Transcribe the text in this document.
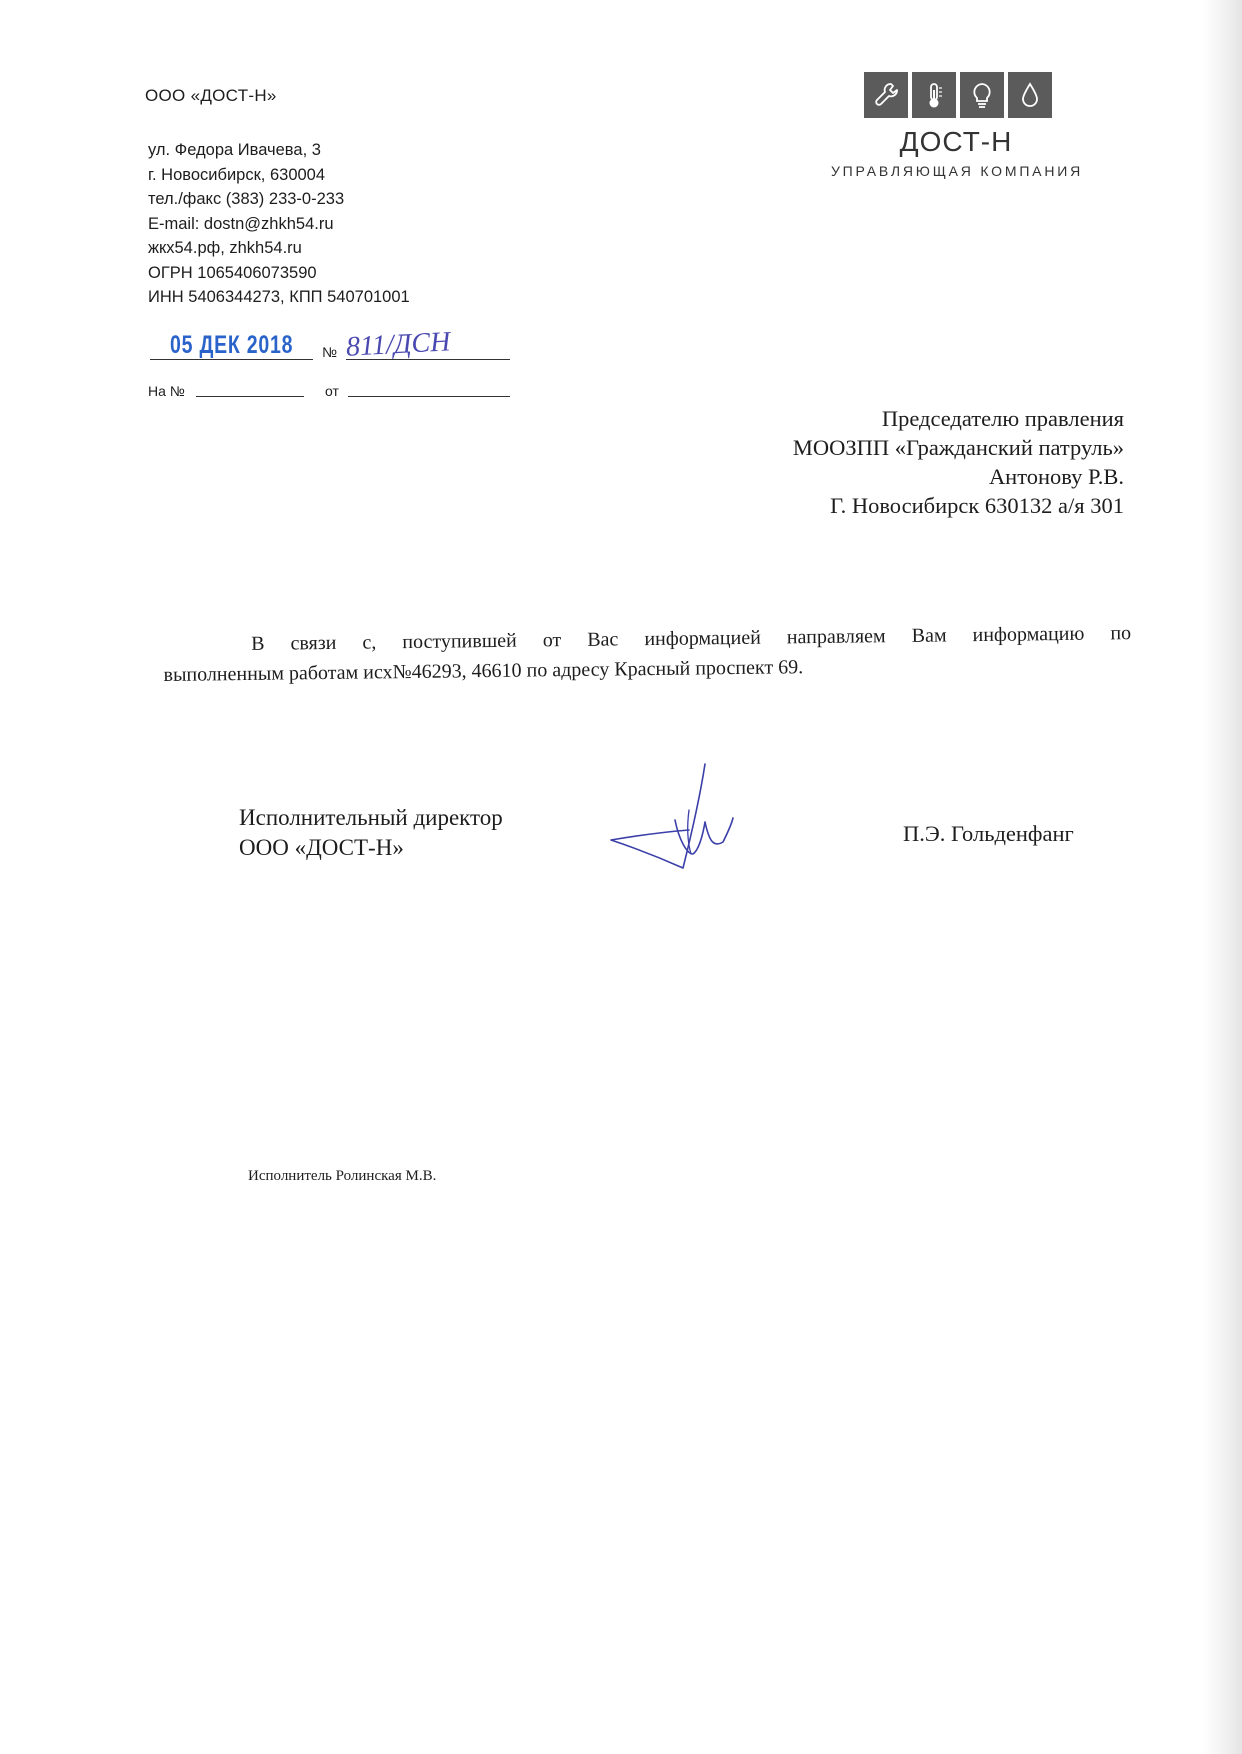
ООО «ДОСТ-Н»
ул. Федора Ивачева, 3
г. Новосибирск, 630004
тел./факс (383) 233-0-233
E-mail: dostn@zhkh54.ru
жкх54.рф, zhkh54.ru
ОГРН 1065406073590
ИНН 5406344273, КПП 540701001
ДОСТ-Н
УПРАВЛЯЮЩАЯ КОМПАНИЯ
05 ДЕК 2018 № 811/ДСН
На №	от
Председателю правления
МООЗПП «Гражданский патруль»
Антонову Р.В.
Г. Новосибирск 630132 а/я 301
В связи с, поступившей от Вас информацией направляем Вам информацию по
выполненным работам исх№46293, 46610 по адресу Красный проспект 69.
Исполнительный директор
ООО «ДОСТ-Н»
П.Э. Гольденфанг
Исполнитель Ролинская М.В.
